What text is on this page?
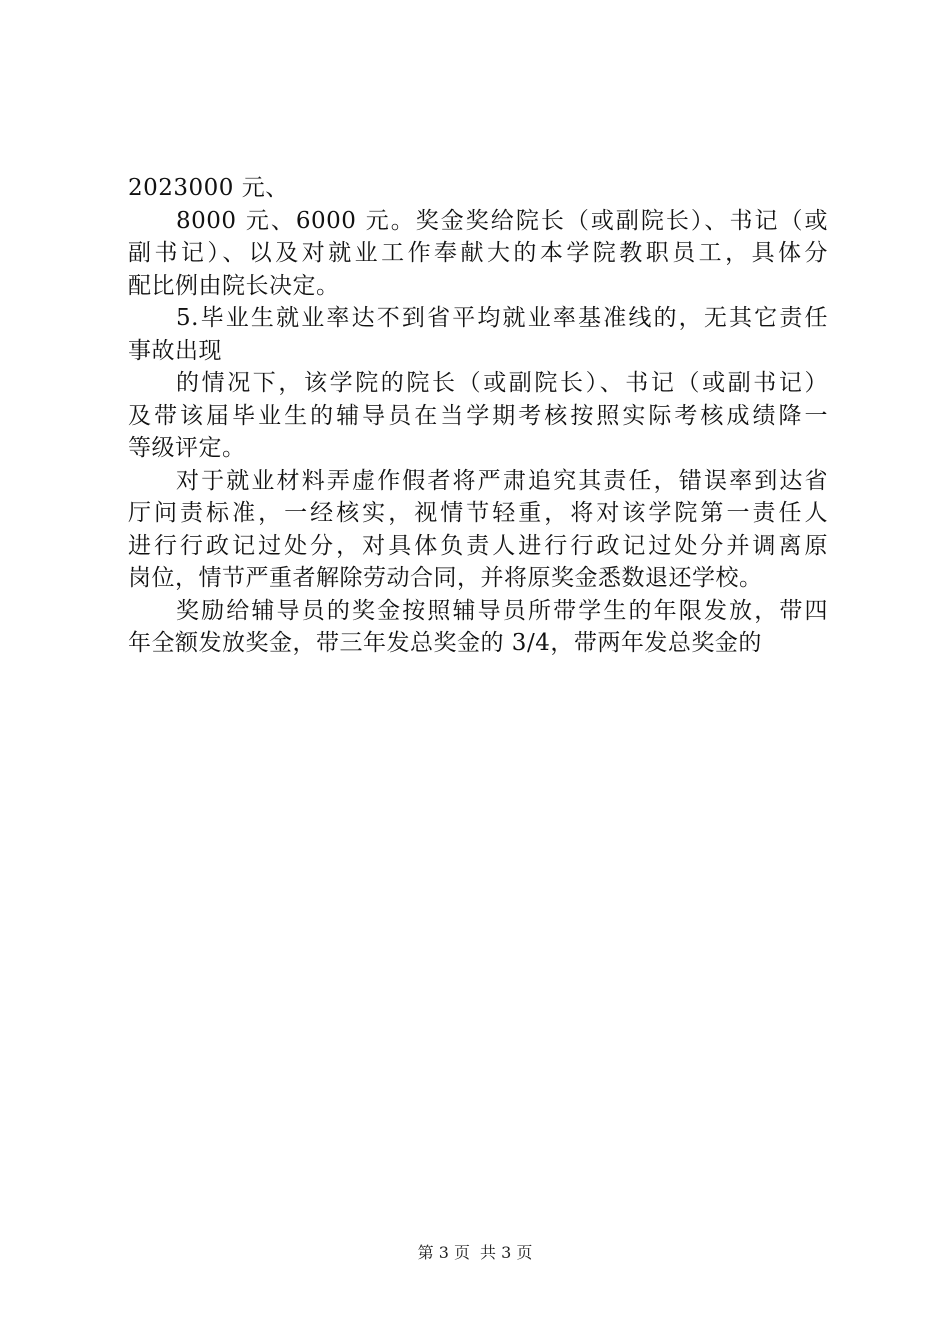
2023000 元、
8000 元、6000 元。奖金奖给院长（或副院长）、书记（或
副书记）、以及对就业工作奉献大的本学院教职员工，具体分
配比例由院长决定。
5.毕业生就业率达不到省平均就业率基准线的，无其它责任
事故出现
的情况下，该学院的院长（或副院长）、书记（或副书记）
及带该届毕业生的辅导员在当学期考核按照实际考核成绩降一
等级评定。
对于就业材料弄虚作假者将严肃追究其责任，错误率到达省
厅问责标准，一经核实，视情节轻重，将对该学院第一责任人
进行行政记过处分，对具体负责人进行行政记过处分并调离原
岗位，情节严重者解除劳动合同，并将原奖金悉数退还学校。
奖励给辅导员的奖金按照辅导员所带学生的年限发放，带四
年全额发放奖金，带三年发总奖金的 3/4，带两年发总奖金的
第 3 页 共 3 页
